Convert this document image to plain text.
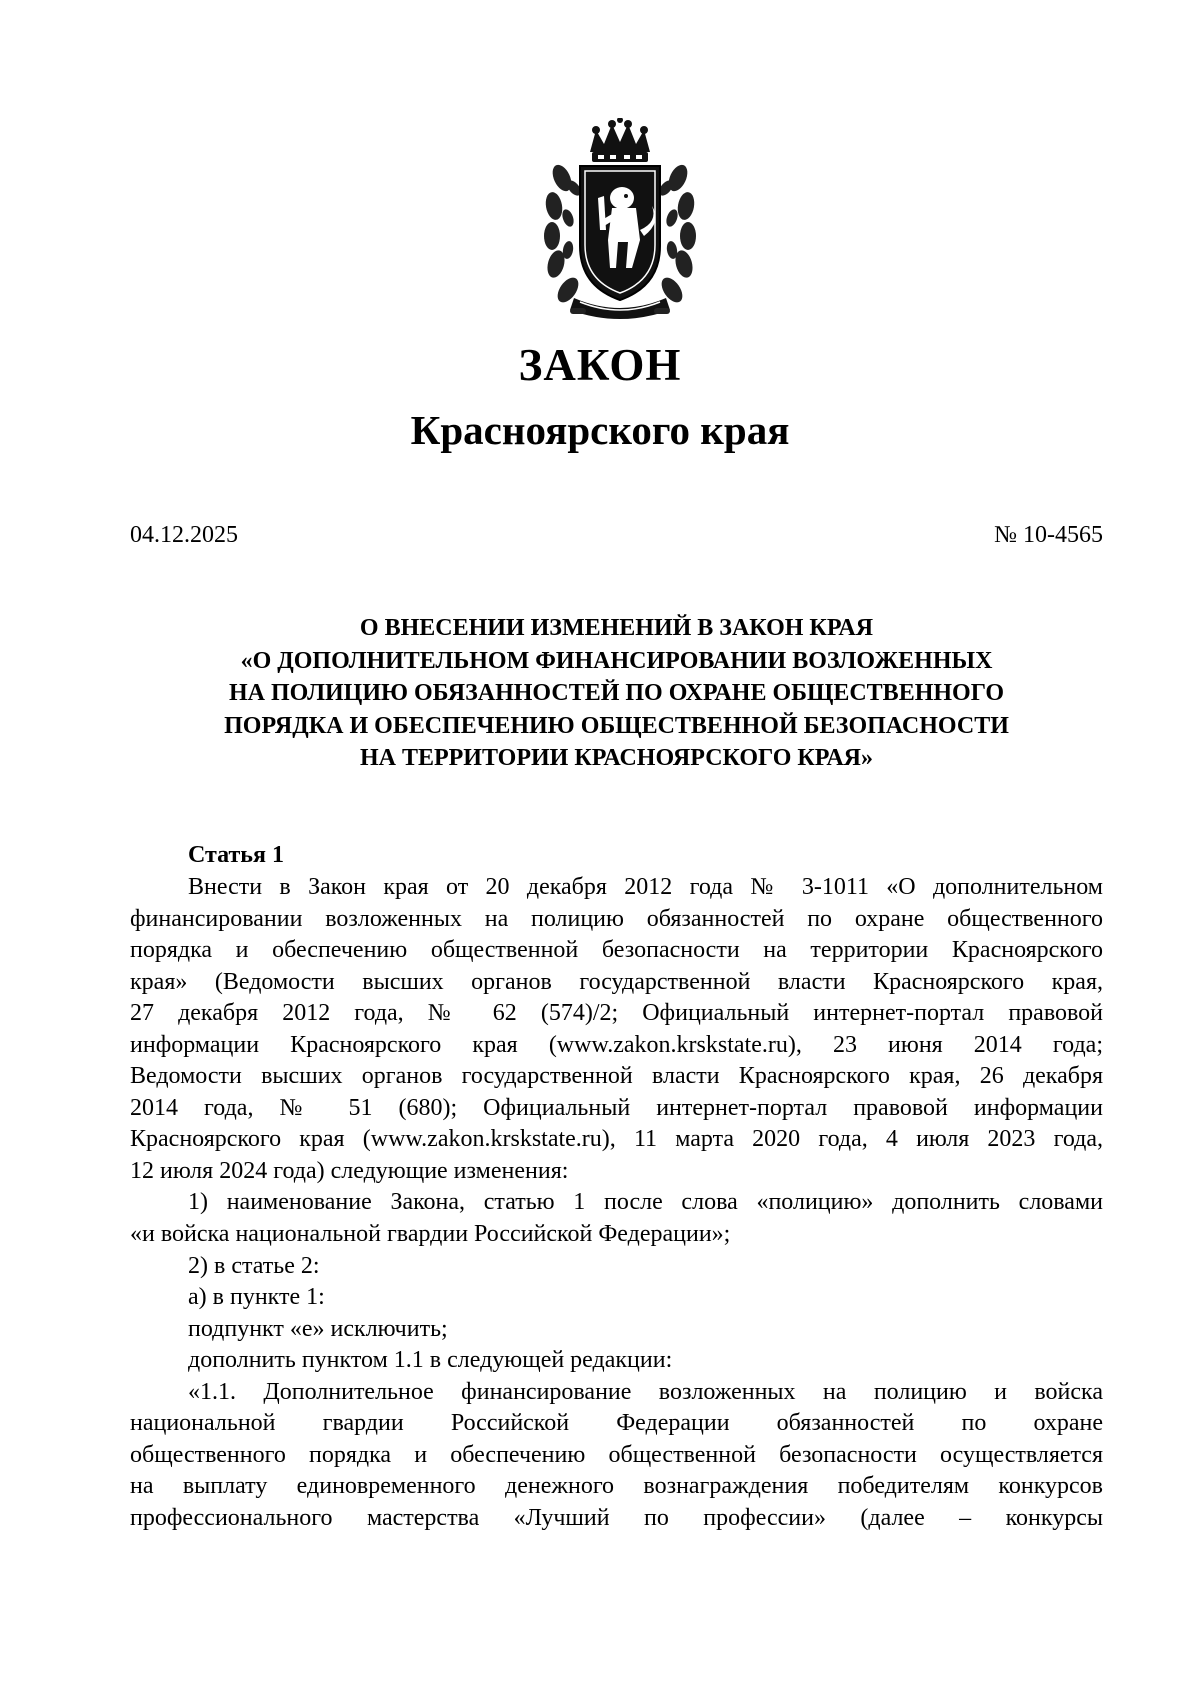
ЗАКОН
Красноярского края
04.12.2025	№ 10-4565
О ВНЕСЕНИИ ИЗМЕНЕНИЙ В ЗАКОН КРАЯ
«О ДОПОЛНИТЕЛЬНОМ ФИНАНСИРОВАНИИ ВОЗЛОЖЕННЫХ
НА ПОЛИЦИЮ ОБЯЗАННОСТЕЙ ПО ОХРАНЕ ОБЩЕСТВЕННОГО
ПОРЯДКА И ОБЕСПЕЧЕНИЮ ОБЩЕСТВЕННОЙ БЕЗОПАСНОСТИ
НА ТЕРРИТОРИИ КРАСНОЯРСКОГО КРАЯ»
Статья 1
Внести в Закон края от 20 декабря 2012 года № 3-1011 «О дополнительном
финансировании возложенных на полицию обязанностей по охране общественного
порядка и обеспечению общественной безопасности на территории Красноярского
края» (Ведомости высших органов государственной власти Красноярского края,
27 декабря 2012 года, № 62 (574)/2; Официальный интернет-портал правовой
информации Красноярского края (www.zakon.krskstate.ru), 23 июня 2014 года;
Ведомости высших органов государственной власти Красноярского края, 26 декабря
2014 года, № 51 (680); Официальный интернет-портал правовой информации
Красноярского края (www.zakon.krskstate.ru), 11 марта 2020 года, 4 июля 2023 года,
12 июля 2024 года) следующие изменения:
1) наименование Закона, статью 1 после слова «полицию» дополнить словами
«и войска национальной гвардии Российской Федерации»;
2) в статье 2:
а) в пункте 1:
подпункт «е» исключить;
дополнить пунктом 1.1 в следующей редакции:
«1.1. Дополнительное финансирование возложенных на полицию и войска
национальной гвардии Российской Федерации обязанностей по охране
общественного порядка и обеспечению общественной безопасности осуществляется
на выплату единовременного денежного вознаграждения победителям конкурсов
профессионального мастерства «Лучший по профессии» (далее – конкурсы
